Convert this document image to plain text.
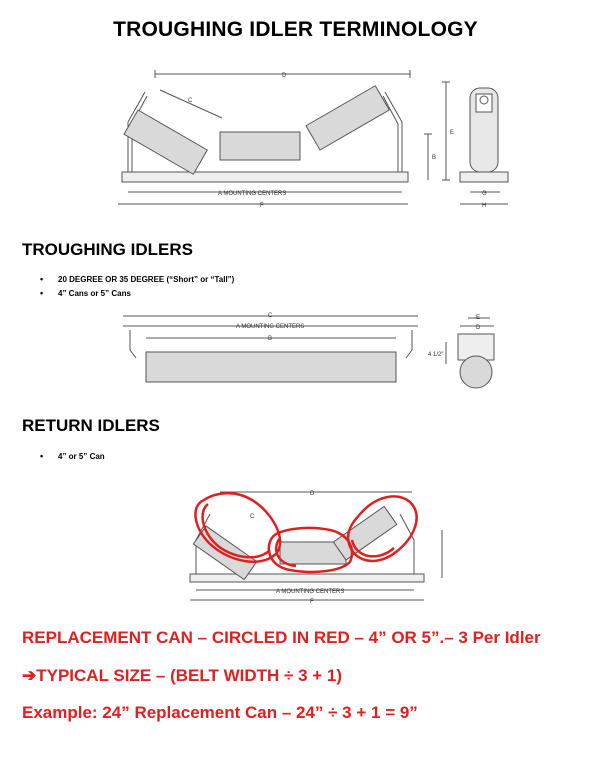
TROUGHING IDLER TERMINOLOGY
D
C
E
B
A MOUNTING CENTERS
F
G
H
TROUGHING IDLERS
• 20 DEGREE OR 35 DEGREE (“Short” or “Tall”)
• 4” Cans or 5” Cans
C
A MOUNTING CENTERS
B
E
D
4 1/2″
RETURN IDLERS
• 4” or 5” Can
D
C
A MOUNTING CENTERS
F
REPLACEMENT CAN – CIRCLED IN RED – 4” OR 5”.– 3 Per Idler
➔TYPICAL SIZE – (BELT WIDTH ÷ 3 + 1)
Example: 24” Replacement Can – 24” ÷ 3 + 1 = 9”
